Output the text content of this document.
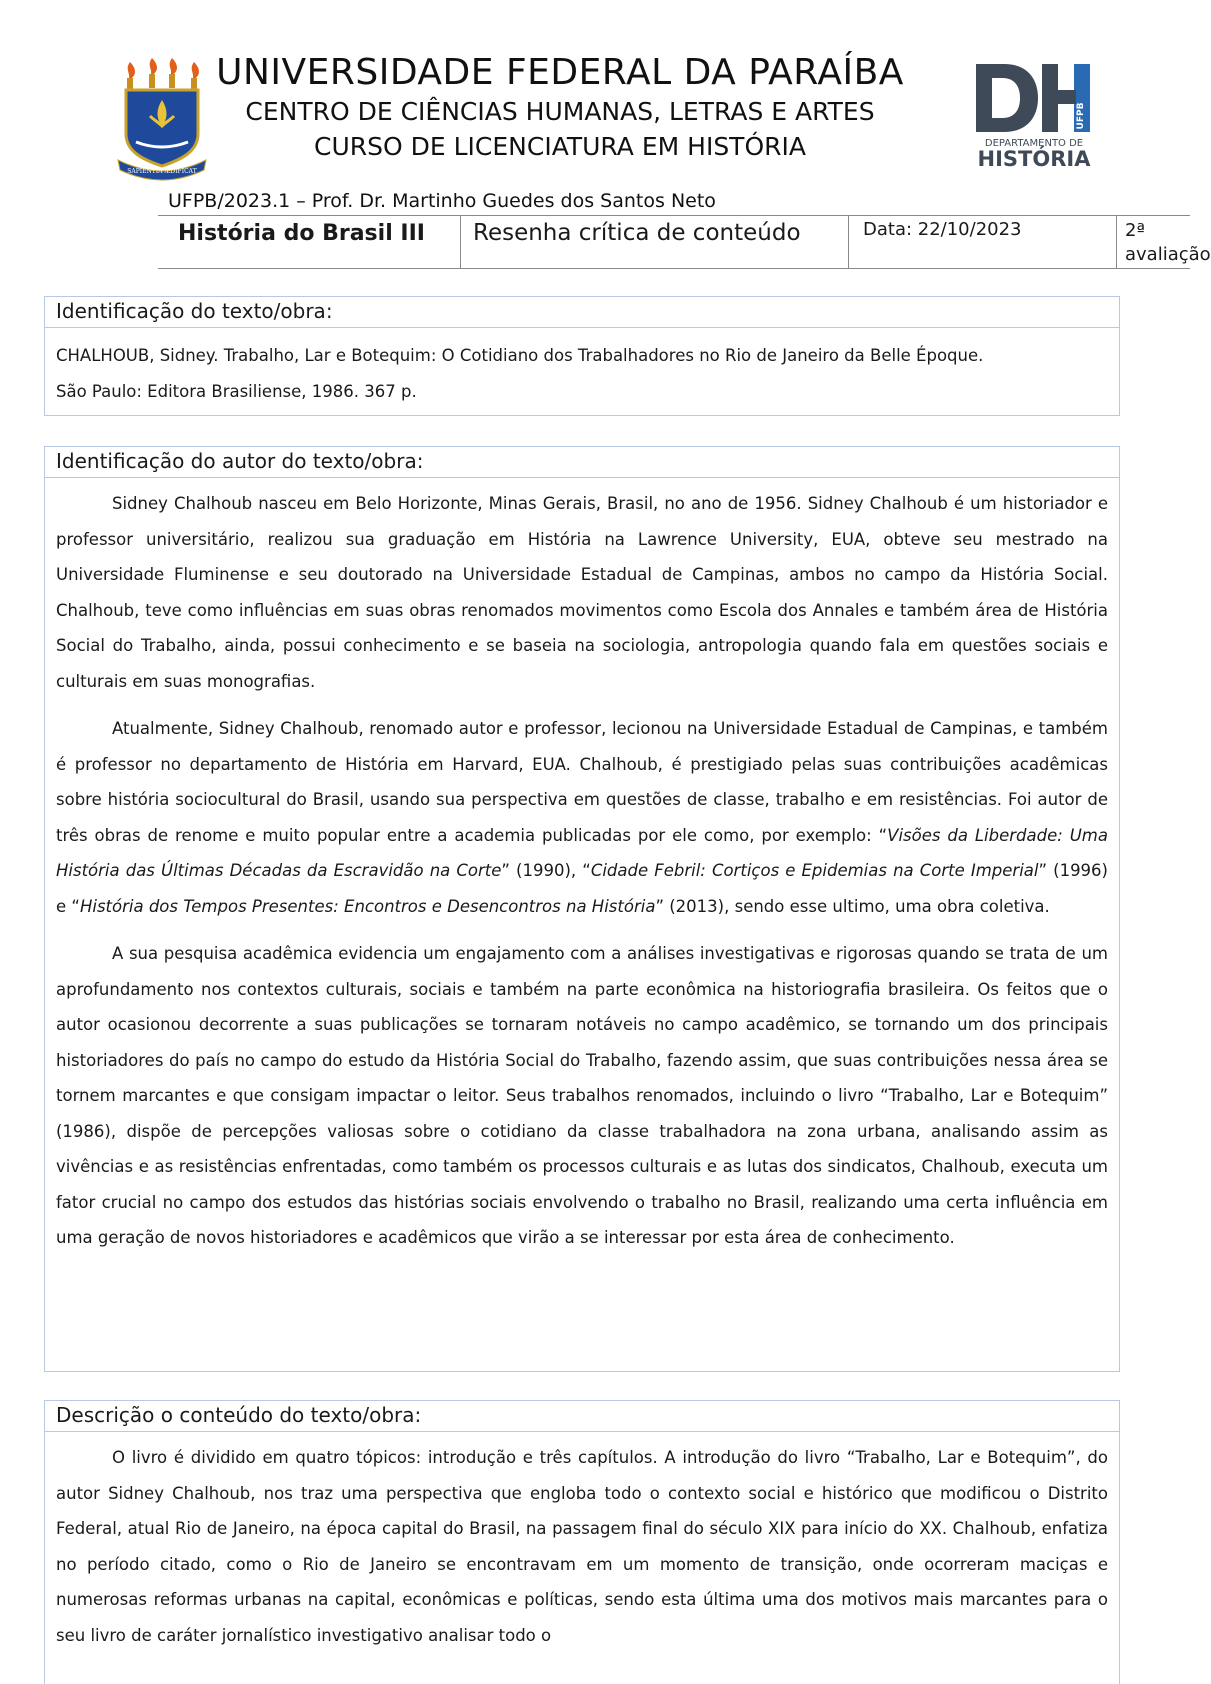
SAPIENTIA ÆDIFICAT
UNIVERSIDADE FEDERAL DA PARAÍBA
CENTRO DE CIÊNCIAS HUMANAS, LETRAS E ARTES
CURSO DE LICENCIATURA EM HISTÓRIA
UFPB
DEPARTAMENTO DE
HISTÓRIA
UFPB/2023.1 – Prof. Dr. Martinho Guedes dos Santos Neto
História do Brasil III	Resenha crítica de conteúdo	Data: 22/10/2023	2ª
avaliação
Identificação do texto/obra:
CHALHOUB, Sidney. Trabalho, Lar e Botequim: O Cotidiano dos Trabalhadores no Rio de Janeiro da Belle Époque.
São Paulo: Editora Brasiliense, 1986. 367 p.
Identificação do autor do texto/obra:

Sidney Chalhoub nasceu em Belo Horizonte, Minas Gerais, Brasil, no ano de 1956. Sidney Chalhoub é um historiador e professor universitário, realizou sua graduação em História na Lawrence University, EUA, obteve seu mestrado na Universidade Fluminense e seu doutorado na Universidade Estadual de Campinas, ambos no campo da História Social. Chalhoub, teve como influências em suas obras renomados movimentos como Escola dos Annales e também área de História Social do Trabalho, ainda, possui conhecimento e se baseia na sociologia, antropologia quando fala em questões sociais e culturais em suas monografias.

Atualmente, Sidney Chalhoub, renomado autor e professor, lecionou na Universidade Estadual de Campinas, e também é professor no departamento de História em Harvard, EUA. Chalhoub, é prestigiado pelas suas contribuições acadêmicas sobre história sociocultural do Brasil, usando sua perspectiva em questões de classe, trabalho e em resistências. Foi autor de três obras de renome e muito popular entre a academia publicadas por ele como, por exemplo: “Visões da Liberdade: Uma História das Últimas Décadas da Escravidão na Corte” (1990), “Cidade Febril: Cortiços e Epidemias na Corte Imperial” (1996) e “História dos Tempos Presentes: Encontros e Desencontros na História” (2013), sendo esse ultimo, uma obra coletiva.

A sua pesquisa acadêmica evidencia um engajamento com a análises investigativas e rigorosas quando se trata de um aprofundamento nos contextos culturais, sociais e também na parte econômica na historiografia brasileira. Os feitos que o autor ocasionou decorrente a suas publicações se tornaram notáveis no campo acadêmico, se tornando um dos principais historiadores do país no campo do estudo da História Social do Trabalho, fazendo assim, que suas contribuições nessa área se tornem marcantes e que consigam impactar o leitor. Seus trabalhos renomados, incluindo o livro “Trabalho, Lar e Botequim” (1986), dispõe de percepções valiosas sobre o cotidiano da classe trabalhadora na zona urbana, analisando assim as vivências e as resistências enfrentadas, como também os processos culturais e as lutas dos sindicatos, Chalhoub, executa um fator crucial no campo dos estudos das histórias sociais envolvendo o trabalho no Brasil, realizando uma certa influência em uma geração de novos historiadores e acadêmicos que virão a se interessar por esta área de conhecimento.

Descrição o conteúdo do texto/obra:

O livro é dividido em quatro tópicos: introdução e três capítulos. A introdução do livro “Trabalho, Lar e Botequim”, do autor Sidney Chalhoub, nos traz uma perspectiva que engloba todo o contexto social e histórico que modificou o Distrito Federal, atual Rio de Janeiro, na época capital do Brasil, na passagem final do século XIX para início do XX. Chalhoub, enfatiza no período citado, como o Rio de Janeiro se encontravam em um momento de transição, onde ocorreram maciças e numerosas reformas urbanas na capital, econômicas e políticas, sendo esta última uma dos motivos mais marcantes para o seu livro de caráter jornalístico investigativo analisar todo o
